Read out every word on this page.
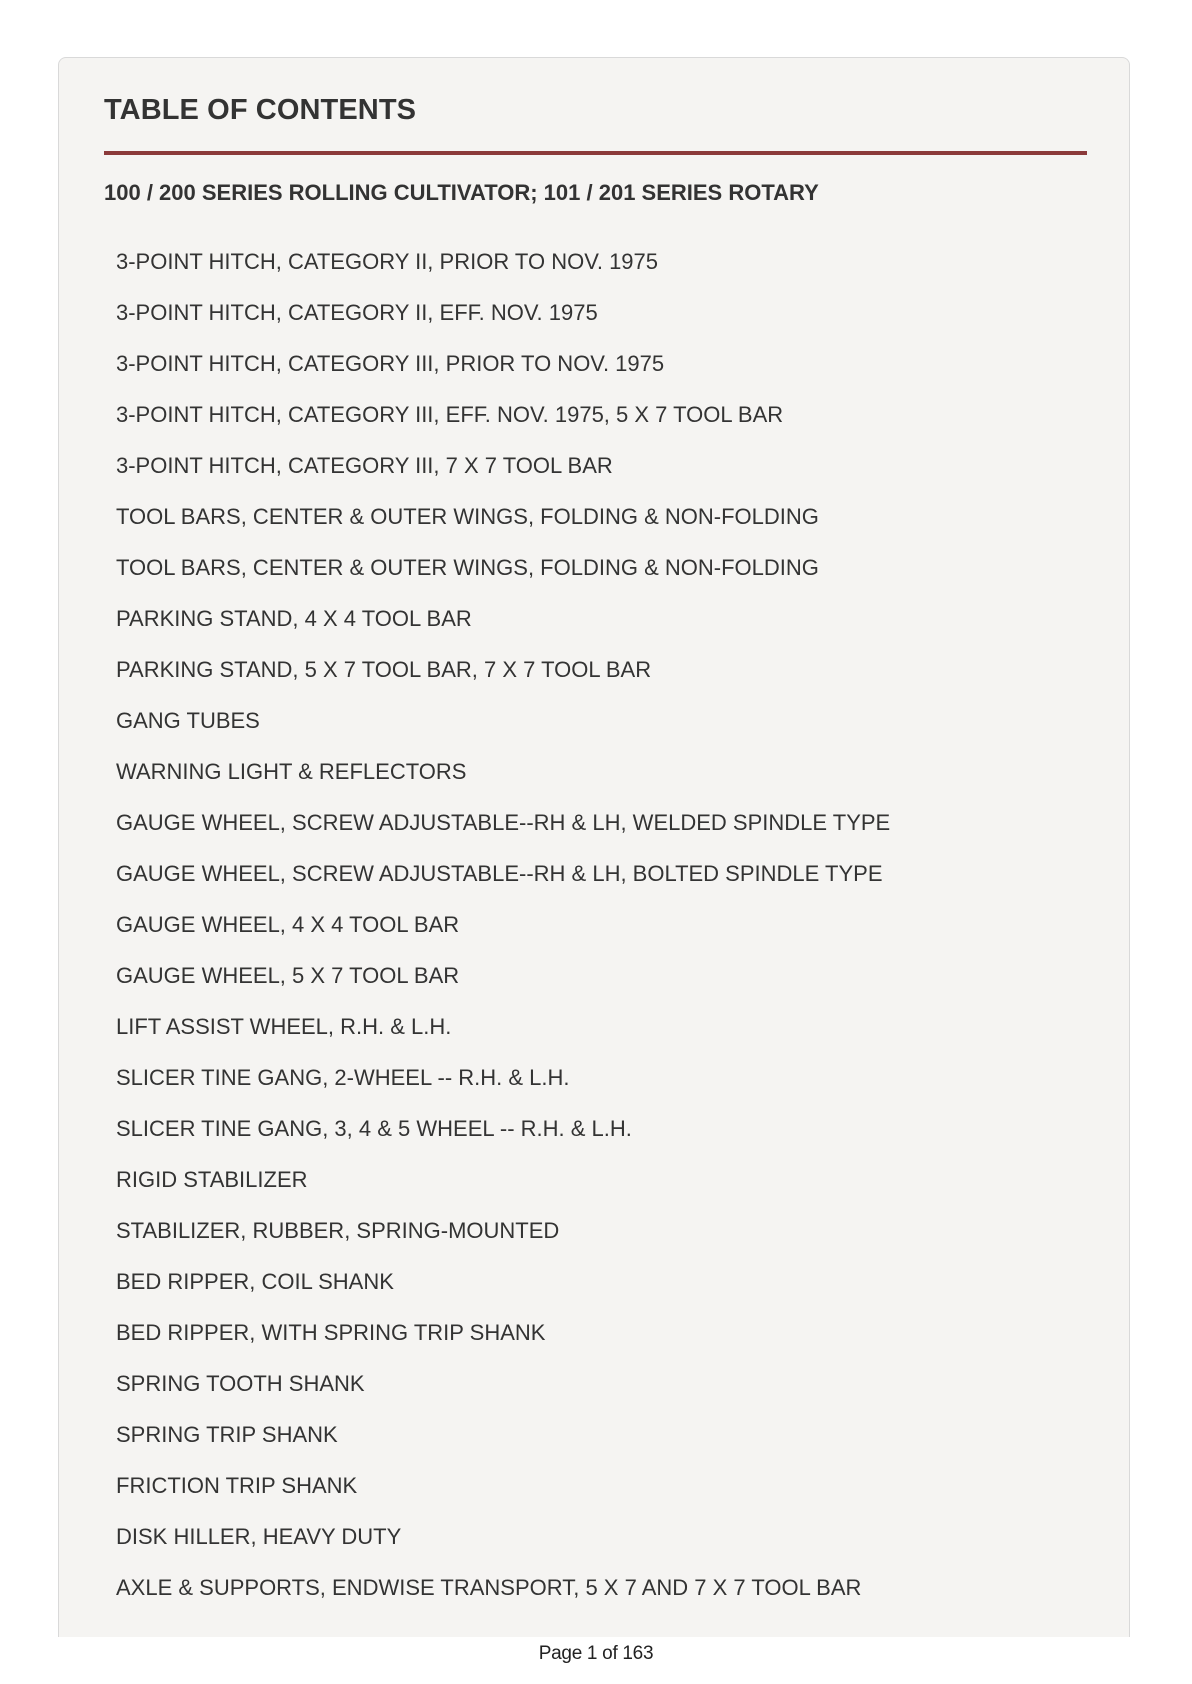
TABLE OF CONTENTS
100 / 200 SERIES ROLLING CULTIVATOR; 101 / 201 SERIES ROTARY
3-POINT HITCH, CATEGORY II, PRIOR TO NOV. 1975
3-POINT HITCH, CATEGORY II, EFF. NOV. 1975
3-POINT HITCH, CATEGORY III, PRIOR TO NOV. 1975
3-POINT HITCH, CATEGORY III, EFF. NOV. 1975, 5 X 7 TOOL BAR
3-POINT HITCH, CATEGORY III, 7 X 7 TOOL BAR
TOOL BARS, CENTER & OUTER WINGS, FOLDING & NON-FOLDING
TOOL BARS, CENTER & OUTER WINGS, FOLDING & NON-FOLDING
PARKING STAND, 4 X 4 TOOL BAR
PARKING STAND, 5 X 7 TOOL BAR, 7 X 7 TOOL BAR
GANG TUBES
WARNING LIGHT & REFLECTORS
GAUGE WHEEL, SCREW ADJUSTABLE--RH & LH, WELDED SPINDLE TYPE
GAUGE WHEEL, SCREW ADJUSTABLE--RH & LH, BOLTED SPINDLE TYPE
GAUGE WHEEL, 4 X 4 TOOL BAR
GAUGE WHEEL, 5 X 7 TOOL BAR
LIFT ASSIST WHEEL, R.H. & L.H.
SLICER TINE GANG, 2-WHEEL -- R.H. & L.H.
SLICER TINE GANG, 3, 4 & 5 WHEEL -- R.H. & L.H.
RIGID STABILIZER
STABILIZER, RUBBER, SPRING-MOUNTED
BED RIPPER, COIL SHANK
BED RIPPER, WITH SPRING TRIP SHANK
SPRING TOOTH SHANK
SPRING TRIP SHANK
FRICTION TRIP SHANK
DISK HILLER, HEAVY DUTY
AXLE & SUPPORTS, ENDWISE TRANSPORT, 5 X 7 AND 7 X 7 TOOL BAR
Page 1 of 163
